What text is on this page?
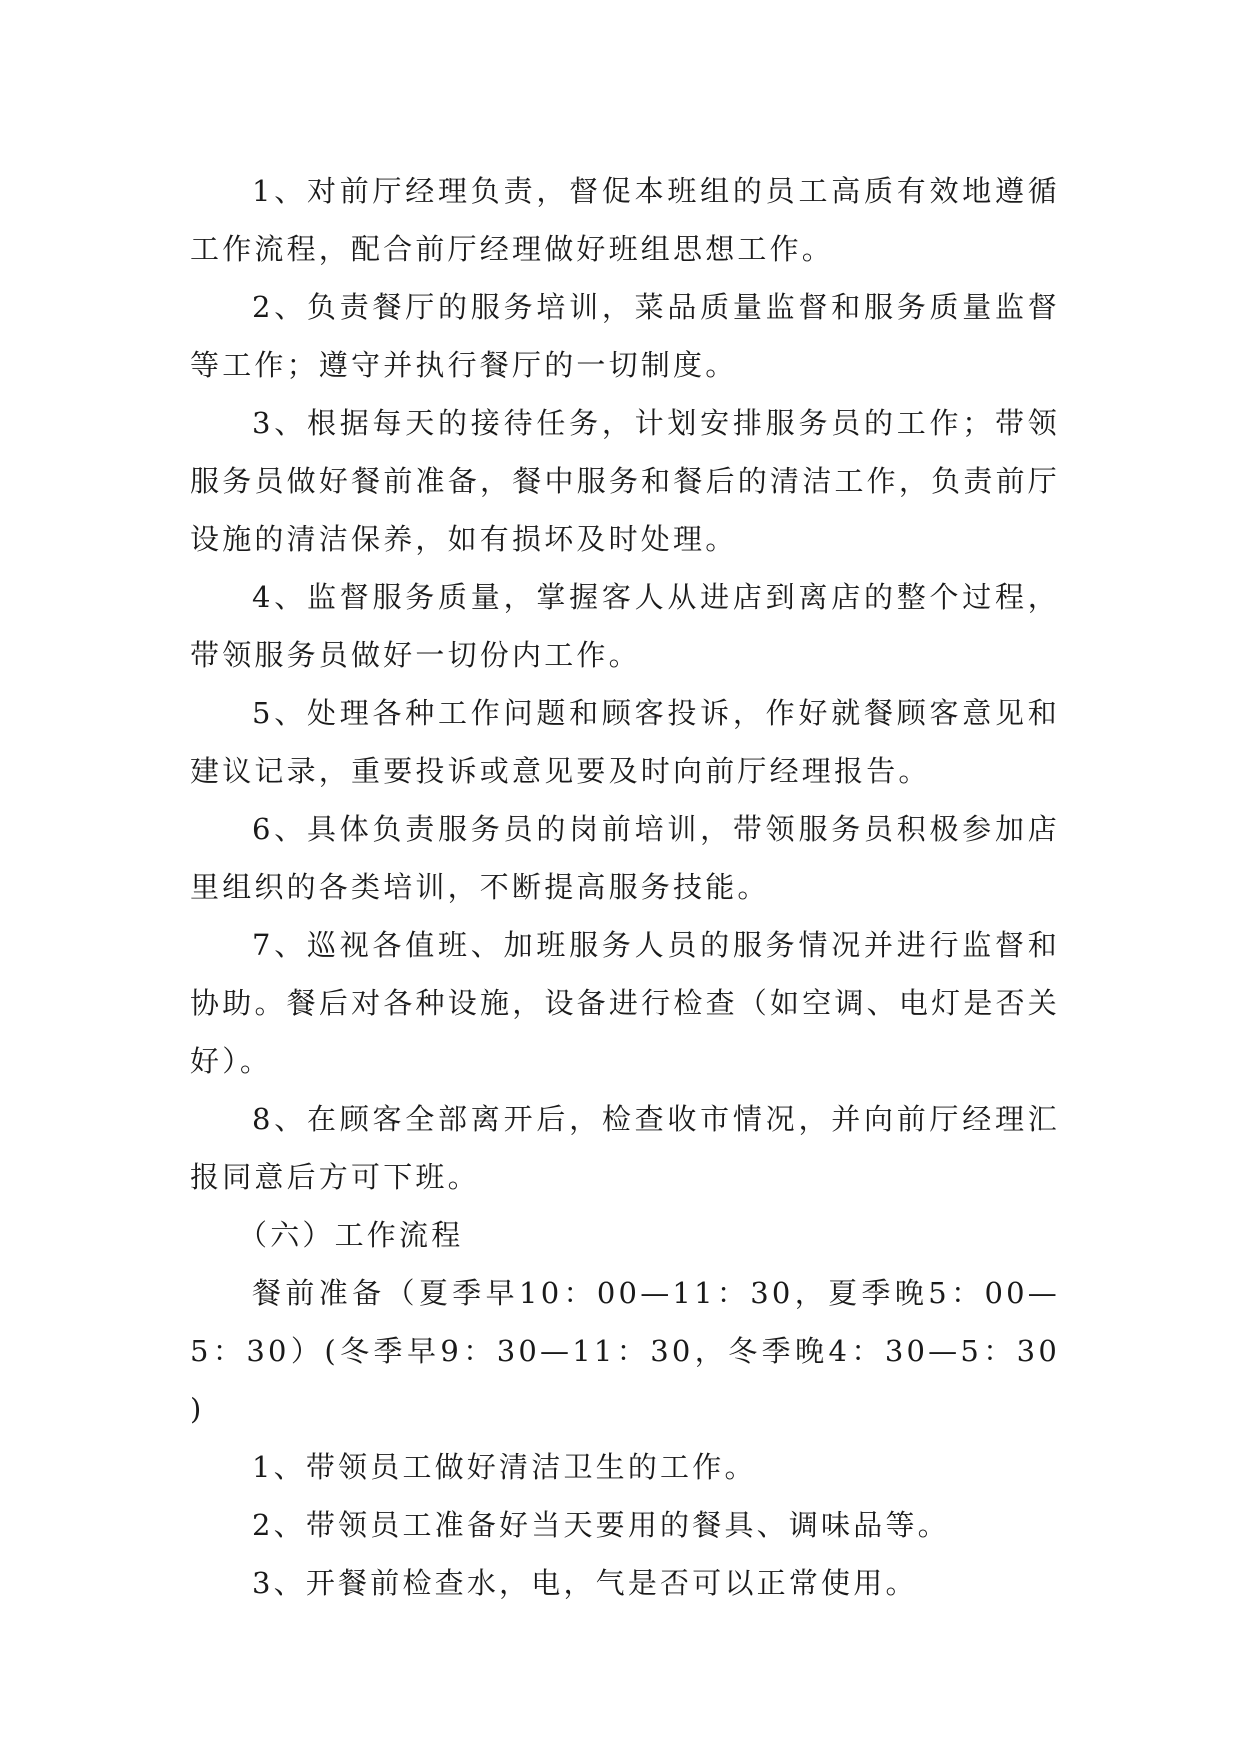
1、对前厅经理负责，督促本班组的员工高质有效地遵循工作流程，配合前厅经理做好班组思想工作。

2、负责餐厅的服务培训，菜品质量监督和服务质量监督等工作；遵守并执行餐厅的一切制度。

3、根据每天的接待任务，计划安排服务员的工作；带领服务员做好餐前准备，餐中服务和餐后的清洁工作，负责前厅设施的清洁保养，如有损坏及时处理。

4、监督服务质量，掌握客人从进店到离店的整个过程，带领服务员做好一切份内工作。

5、处理各种工作问题和顾客投诉，作好就餐顾客意见和建议记录，重要投诉或意见要及时向前厅经理报告。

6、具体负责服务员的岗前培训，带领服务员积极参加店里组织的各类培训，不断提高服务技能。

7、巡视各值班、加班服务人员的服务情况并进行监督和协助。餐后对各种设施，设备进行检查（如空调、电灯是否关好）。

8、在顾客全部离开后，检查收市情况，并向前厅经理汇报同意后方可下班。

（六）工作流程

餐前准备（夏季早10：00—11：30，夏季晚5：00—5：30）(冬季早9：30—11：30，冬季晚4：30—5：30 )

1、带领员工做好清洁卫生的工作。

2、带领员工准备好当天要用的餐具、调味品等。

3、开餐前检查水，电，气是否可以正常使用。
